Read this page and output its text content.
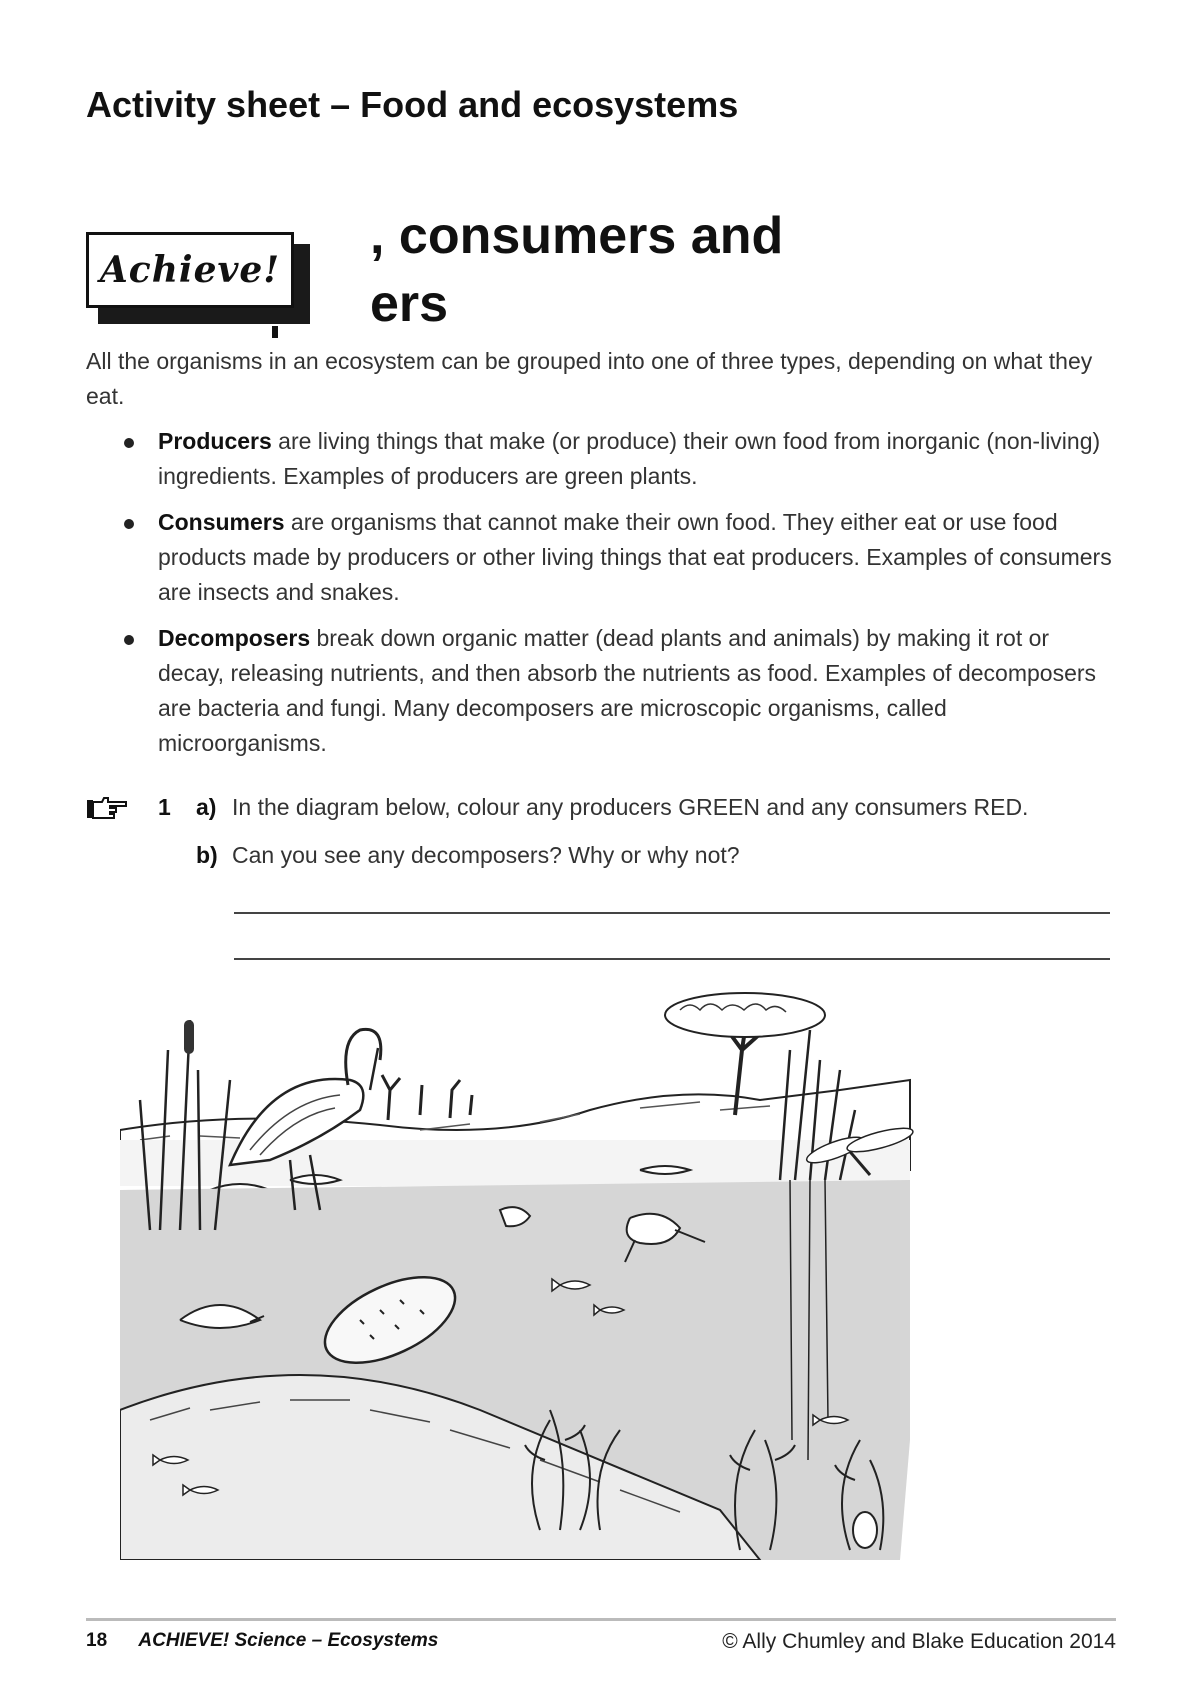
Activity sheet – Food and ecosystems
Achieve!
, consumers and
ers
All the organisms in an ecosystem can be grouped into one of three types, depending on what they eat.
Producers are living things that make (or produce) their own food from inorganic (non-living) ingredients. Examples of producers are green plants.
Consumers are organisms that cannot make their own food. They either eat or use food products made by producers or other living things that eat producers. Examples of consumers are insects and snakes.
Decomposers break down organic matter (dead plants and animals) by making it rot or decay, releasing nutrients, and then absorb the nutrients as food. Examples of decomposers are bacteria and fungi. Many decomposers are microscopic organisms, called microorganisms.
1 a) In the diagram below, colour any producers GREEN and any consumers RED.
b) Can you see any decomposers? Why or why not?
18 ACHIEVE! Science – Ecosystems	© Ally Chumley and Blake Education 2014
